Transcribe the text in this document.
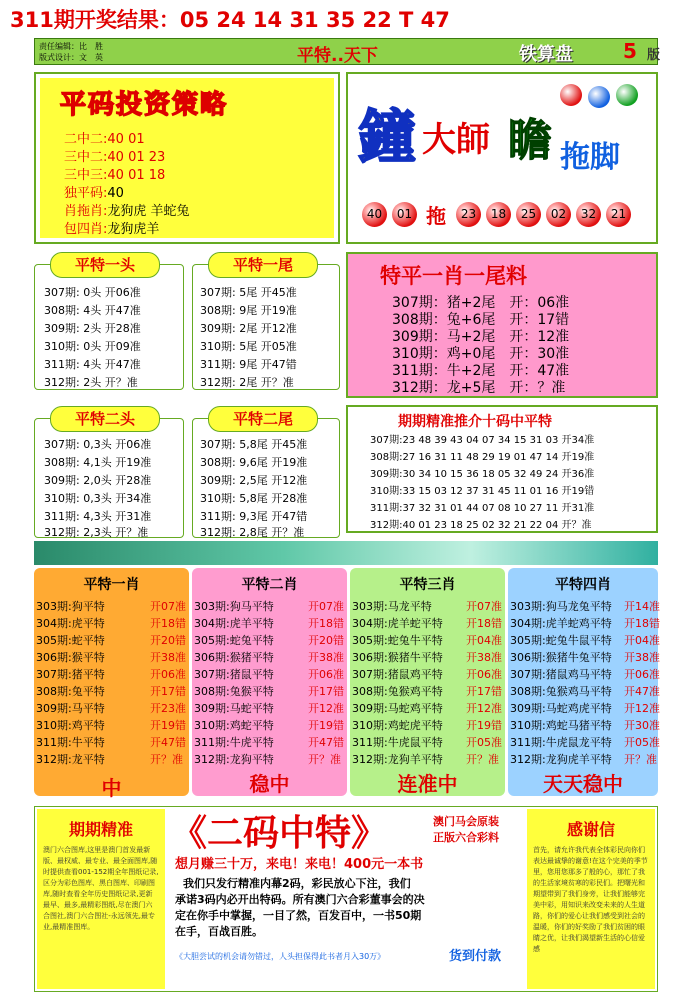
311期开奖结果：05 24 14 31 35 22 T 47
责任编辑：比　胜
版式设计：文　英	平特..天下	铁算盘	5 版
平码投资策略
二中二:40 01
三中二:40 01 23
三中三:40 01 18
独平码:40
肖拖肖:龙狗虎 羊蛇兔
包四肖:龙狗虎羊
鐘 大師 瞻 拖脚
40	01 拖	23	18	25	02	32	21
平特一头
307期: 0头 开06准
308期: 4头 开47准
309期: 2头 开28准
310期: 0头 开09准
311期: 4头 开47准
312期: 2头 开？准
平特一尾
307期: 5尾 开45准
308期: 9尾 开19准
309期: 2尾 开12准
310期: 5尾 开05准
311期: 9尾 开47错
312期: 2尾 开？准
平特二头
307期: 0,3头 开06准
308期: 4,1头 开19准
309期: 2,0头 开28准
310期: 0,3头 开34准
311期: 4,3头 开31准
312期: 2,3头 开？准
平特二尾
307期: 5,8尾 开45准
308期: 9,6尾 开19准
309期: 2,5尾 开12准
310期: 5,8尾 开28准
311期: 9,3尾 开47错
312期: 2,8尾 开？准
特平一肖一尾料
307期：猪+2尾　 开：06准
308期：兔+6尾　 开：17错
309期：马+2尾　 开：12准
310期：鸡+0尾　 开：30准
311期：牛+2尾　 开：47准
312期：龙+5尾　 开：？准
期期精准推介十码中平特
307期:23 48 39 43 04 07 34 15 31 03 开34准
308期:27 16 31 11 48 29 19 01 47 14 开19准
309期:30 34 10 15 36 18 05 32 49 24 开36准
310期:33 15 03 12 37 31 45 11 01 16 开19错
311期:37 32 31 01 44 07 08 10 27 11 开31准
312期:40 01 23 18 25 02 32 21 22 04 开？准
平特一肖
303期:狗平特	开07准
304期:虎平特	开18错
305期:蛇平特	开20错
306期:猴平特	开38准
307期:猪平特	开06准
308期:兔平特	开17错
309期:马平特	开23准
310期:鸡平特	开19错
311期:牛平特	开47错
312期:龙平特	开？准
中
平特二肖
303期:狗马平特	开07准
304期:虎羊平特	开18错
305期:蛇兔平特	开20错
306期:猴猪平特	开38准
307期:猪鼠平特	开06准
308期:兔猴平特	开17错
309期:马蛇平特	开12准
310期:鸡蛇平特	开19错
311期:牛虎平特	开47错
312期:龙狗平特	开？准
稳中
平特三肖
303期:马龙平特	开07准
304期:虎羊蛇平特 开18错
305期:蛇兔牛平特 开04准
306期:猴猪牛平特 开38准
307期:猪鼠鸡平特 开06准
308期:兔猴鸡平特 开17错
309期:马蛇鸡平特 开12准
310期:鸡蛇虎平特 开19错
311期:牛虎鼠平特 开05准
312期:龙狗羊平特 开？准
连准中
平特四肖
303期:狗马龙兔平特 开14准
304期:虎羊蛇鸡平特 开18错
305期:蛇兔牛鼠平特 开04准
306期:猴猪牛兔平特 开38准
307期:猪鼠鸡马平特 开06准
308期:兔猴鸡马平特 开47准
309期:马蛇鸡虎平特 开12准
310期:鸡蛇马猪平特 开30准
311期:牛虎鼠龙平特 开05准
312期:龙狗虎羊平特 开？准
天天稳中
期期精准
澳门六合图库,这里是澳门首发最新版、最权威、最专业、最全面图库,随时提供查看001-152期全年图纸记录,区分为彩色图库、黑白图库、印刷图库,随时查看全年历史图纸记录,更新最早、最多,最精彩图纸,尽在澳门六合图社,澳门六合图社-永远领先,最专业,最精准图库。
《二码中特》	澳门马会原装
正版六合彩料
想月赚三十万，来电！来电！400元一本书
我们只发行精准内幕2码，彩民放心下注，我们
承诺3码内必开出特码。所有澳门六合彩董事会的决
定在你手中掌握，一目了然，百发百中，一书50期
在手，百战百胜。
《大胆尝试的机会请勿错过，人头担保得此书者月入30万》	货到付款
感谢信
首先，请允许我代表全体彩民向你们表达最诚挚的谢意!在这个完美的季节里，您用您那多了般的心，那忙了我的生活家境贫寒的彩民们。把曙光和期望带到了我们身旁，让我们能够完美中彩，用知识来改变未来的人生道路，你们的爱心让我们感受到社会的温暖，你们的好奖励了我们贫困的眼睛之优，让我们渴望新生活的心信爱感
